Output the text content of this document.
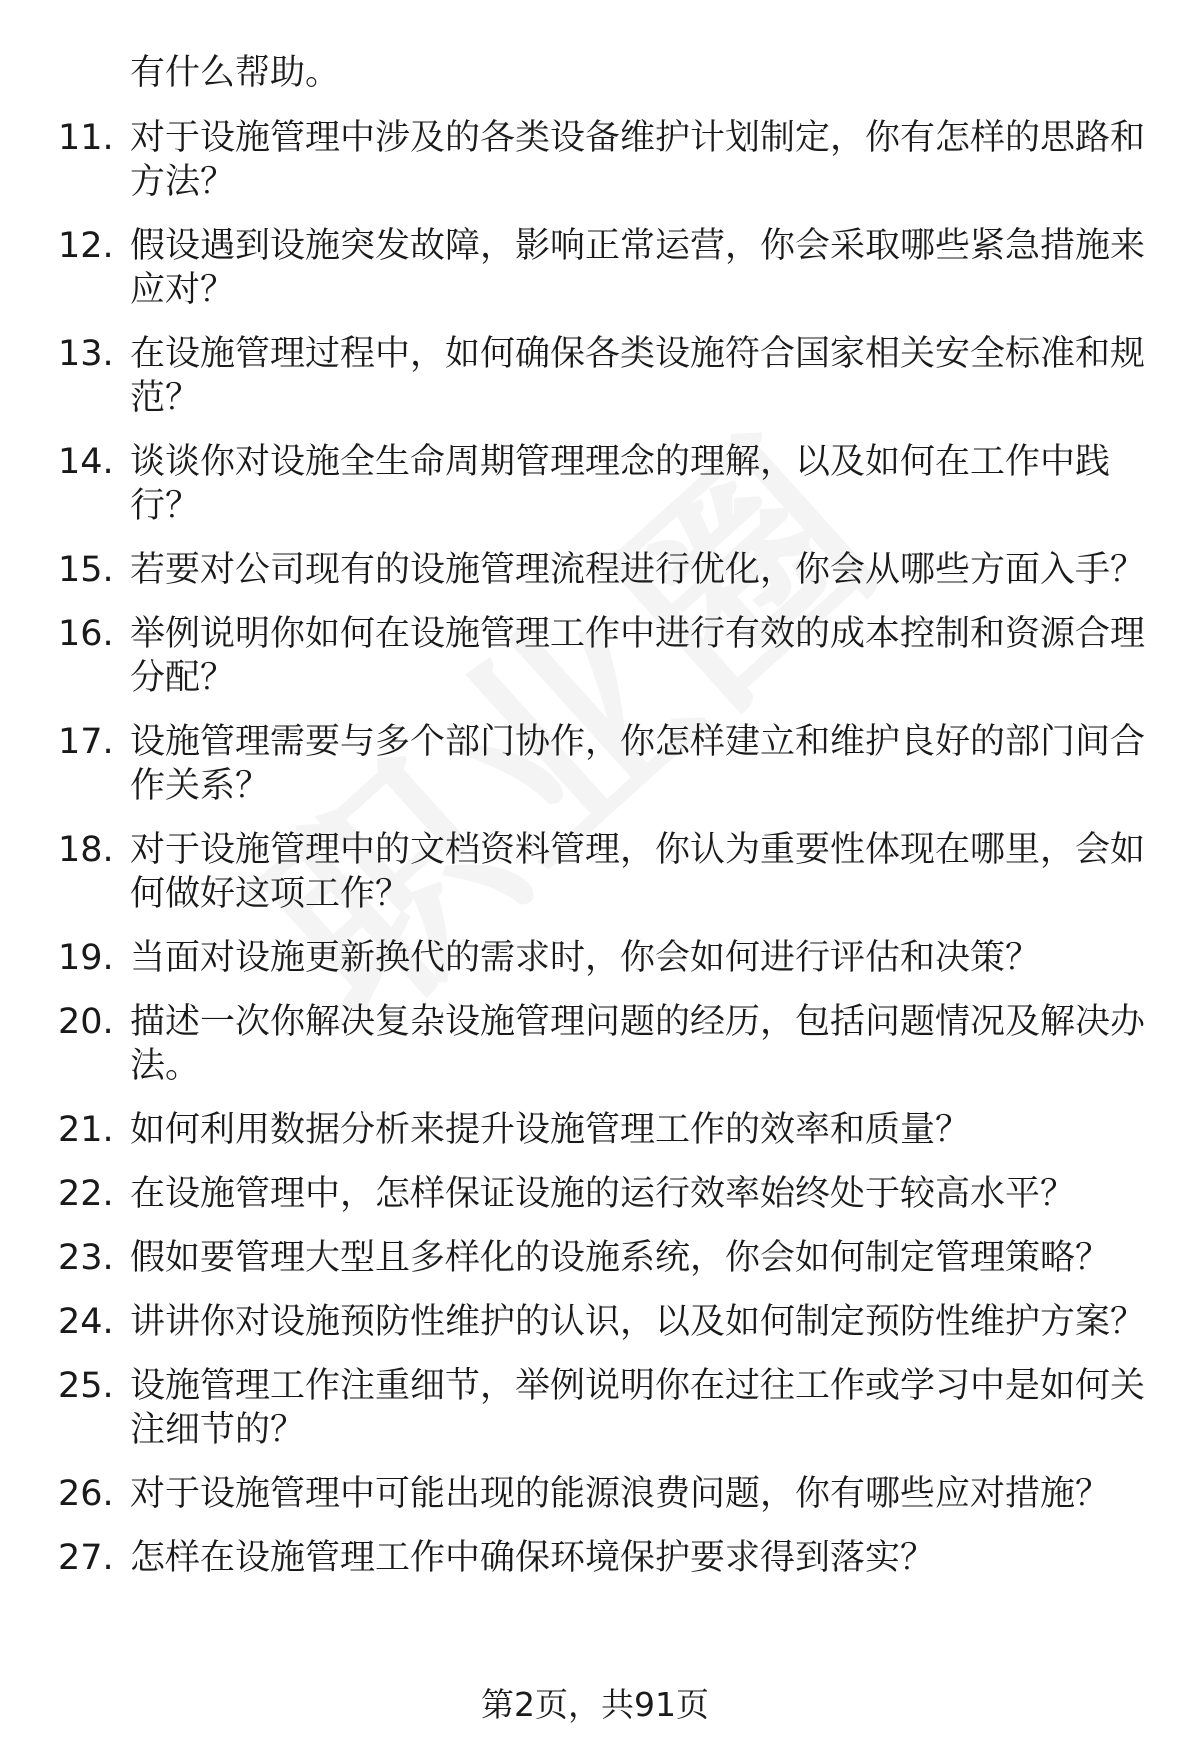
有什么帮助。
11. 对于设施管理中涉及的各类设备维护计划制定，你有怎样的思路和方法？
12. 假设遇到设施突发故障，影响正常运营，你会采取哪些紧急措施来应对？
13. 在设施管理过程中，如何确保各类设施符合国家相关安全标准和规范？
14. 谈谈你对设施全生命周期管理理念的理解，以及如何在工作中践行？
15. 若要对公司现有的设施管理流程进行优化，你会从哪些方面入手？
16. 举例说明你如何在设施管理工作中进行有效的成本控制和资源合理分配？
17. 设施管理需要与多个部门协作，你怎样建立和维护良好的部门间合作关系？
18. 对于设施管理中的文档资料管理，你认为重要性体现在哪里，会如何做好这项工作？
19. 当面对设施更新换代的需求时，你会如何进行评估和决策？
20. 描述一次你解决复杂设施管理问题的经历，包括问题情况及解决办法。
21. 如何利用数据分析来提升设施管理工作的效率和质量？
22. 在设施管理中，怎样保证设施的运行效率始终处于较高水平？
23. 假如要管理大型且多样化的设施系统，你会如何制定管理策略？
24. 讲讲你对设施预防性维护的认识，以及如何制定预防性维护方案？
25. 设施管理工作注重细节，举例说明你在过往工作或学习中是如何关注细节的？
26. 对于设施管理中可能出现的能源浪费问题，你有哪些应对措施？
27. 怎样在设施管理工作中确保环境保护要求得到落实？
第2页，共91页
